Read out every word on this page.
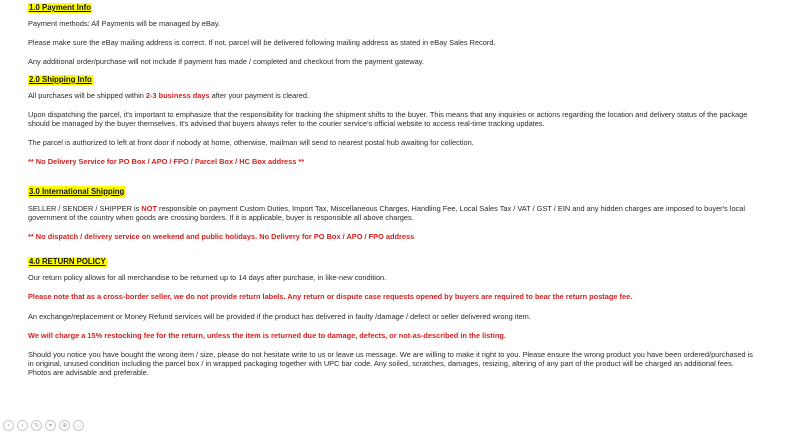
1.0 Payment Info

Payment methods: All Payments will be managed by eBay.

Please make sure the eBay mailing address is correct. If not, parcel will be delivered following mailing address as stated in eBay Sales Record.

Any additional order/purchase will not include if payment has made / completed and checkout from the payment gateway.

2.0 Shipping Info

All purchases will be shipped within 2-3 business days after your payment is cleared.

Upon dispatching the parcel, it's important to emphasize that the responsibility for tracking the shipment shifts to the buyer. This means that any inquiries or actions regarding the location and delivery status of the package should be managed by the buyer themselves. It's advised that buyers always refer to the courier service's official website to access real-time tracking updates.

The parcel is authorized to left at front door if nobody at home, otherwise, mailman will send to nearest postal hub awaiting for collection.

** No Delivery Service for PO Box / APO / FPO / Parcel Box / HC Box address **

3.0 International Shipping

SELLER / SENDER / SHIPPER is NOT responsible on payment Custom Duties, Import Tax, Miscellaneous Charges, Handling Fee, Local Sales Tax / VAT / GST / EIN and any hidden charges are imposed to buyer's local government of the country when goods are crossing borders. If it is applicable, buyer is responsible all above charges.

** No dispatch / delivery service on weekend and public holidays. No Delivery for PO Box / APO / FPO address

4.0 RETURN POLICY

Our return policy allows for all merchandise to be returned up to 14 days after purchase, in like-new condition.

Please note that as a cross-border seller, we do not provide return labels. Any return or dispute case requests opened by buyers are required to bear the return postage fee.

An exchange/replacement or Money Refund services will be provided if the product has delivered in faulty /damage / defect or seller delivered wrong item.

We will charge a 15% restocking fee for the return, unless the item is returned due to damage, defects, or not-as-described in the listing.

Should you notice you have bought the wrong item / size, please do not hesitate write to us or leave us message. We are willing to make it right to you. Please ensure the wrong product you have been ordered/purchased is in original, unused condition including the parcel box / in wrapped packaging together with UPC bar code. Any soiled, scratches, damages, resizing, altering of any part of the product will be charged an additional fees. Photos are advisable and preferable.

‹	›	↻	⚭	⊕	…
